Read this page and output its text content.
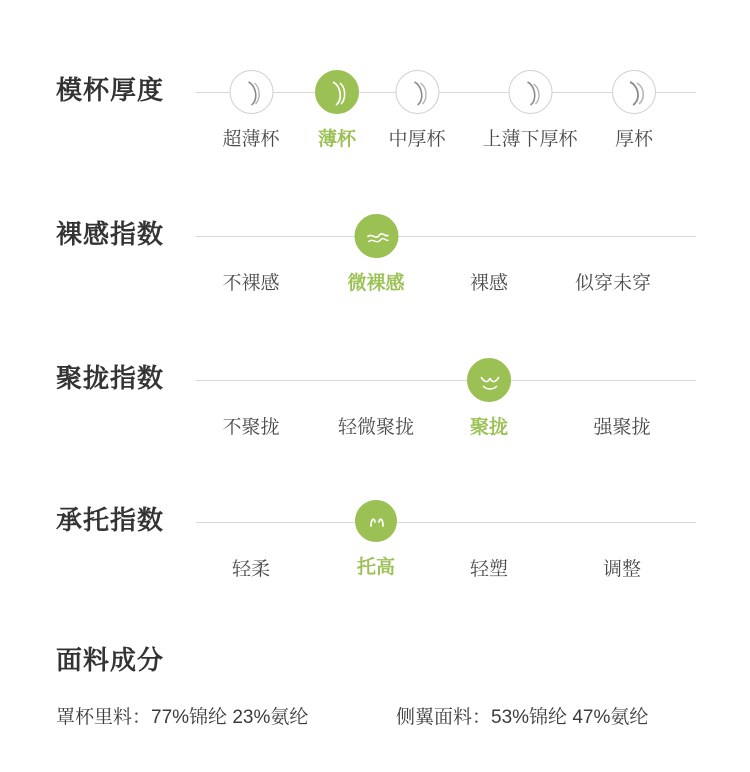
模杯厚度
超薄杯 薄杯 中厚杯 上薄下厚杯 厚杯
裸感指数
不裸感	微裸感	裸感	似穿未穿
聚拢指数
不聚拢	轻微聚拢	聚拢	强聚拢
承托指数
轻柔	托高	轻塑	调整
面料成分
罩杯里料：77%锦纶 23%氨纶	侧翼面料：53%锦纶 47%氨纶
